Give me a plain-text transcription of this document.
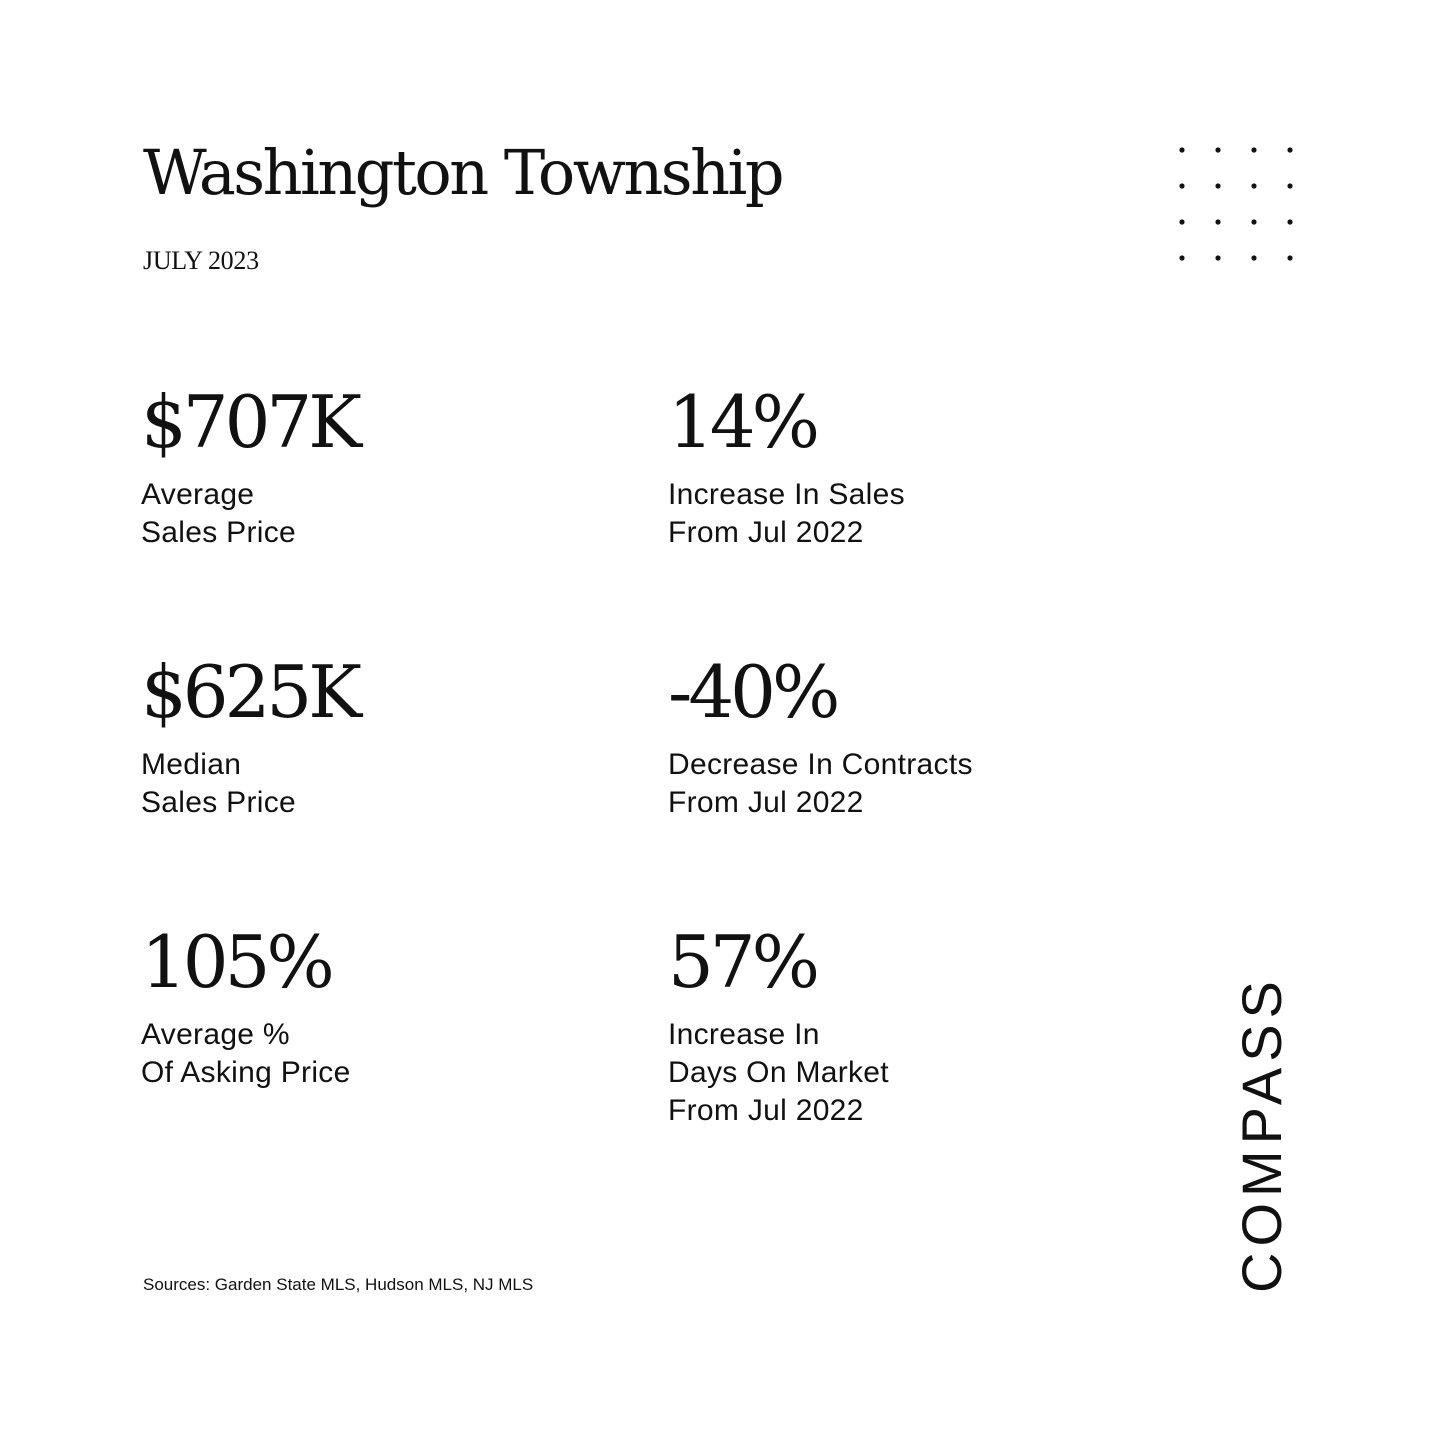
Washington Township
JULY 2023
$707K
Average
Sales Price
14%
Increase In Sales
From Jul 2022
$625K
Median
Sales Price
-40%
Decrease In Contracts
From Jul 2022
105%
Average %
Of Asking Price
57%
Increase In
Days On Market
From Jul 2022
Sources: Garden State MLS, Hudson MLS, NJ MLS	COMPASS
